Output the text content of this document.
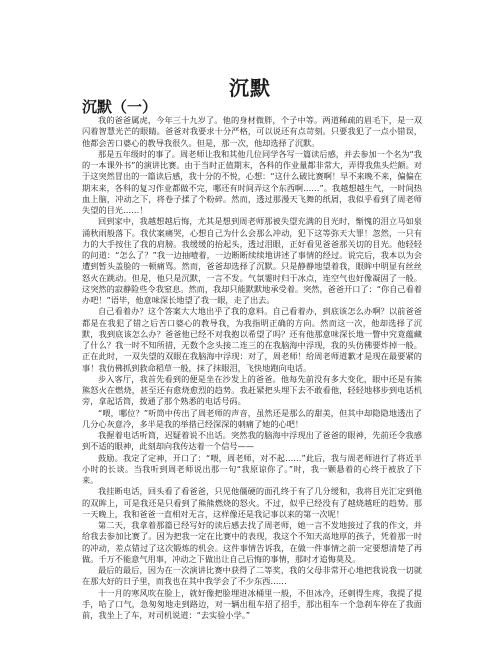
沉默
沉默（一）

我的爸爸属虎，今年三十九岁了。他的身材微胖，个子中等。两道稀疏的眉毛下，是一双闪着智慧光芒的眼睛。爸爸对我要求十分严格，可以说还有点苛刻。只要我犯了一点小错误，他都会苦口婆心的教导我很久。但是，那一次，他却选择了沉默。

那是五年级时的事了。周老师让我和其他几位同学各写一篇读后感，并去参加一个名为“我的一本课外书”的演讲比赛。由于当时正值期末，各科的作业量都非常大，弄得我焦头烂额。对于这突然冒出的一篇读后感，我十分的不悦，心想：“这什么破比赛啊！早不来晚不来，偏偏在期末来，各科的复习作业都做不完，哪还有时间弄这个东西啊……”。我越想越生气，一时间热血上脑，冲动之下，将卷子揉了个粉碎。然而，透过那漫天飞舞的纸屑，我似乎看到了周老师失望的目光……！

回到家中，我越想越后悔，尤其是想到周老师那被失望充满的目光时，惭愧的泪立马如泉涌秋雨般落下。我伏案痛哭，心想自己为什么会那么冲动，犯下这等弥天大罪！忽然，一只有力的大手按住了我的肩膀。我缓缓的抬起头，透过泪眼，正好看见爸爸那关切的目光。他轻轻的问道：“怎么了？”我一边抽噎着，一边断断续续地讲述了事情的经过。说完后，我本以为会遭到暂头盖脸的一顿痛骂。然而，爸爸却选择了沉默。只是静静地望着我，眼眸中明显有丝丝怒火在跳动。但是，他只是沉默，一言不发。气氛霎时归于冰点，连空气也好像凝固了一般。这突然的寂静险些令我窒息。然而，我却只能默默地承受着。突然，爸爸开口了：“你自己看着办吧！”语毕，他意味深长地望了我一眼，走了出去。

自己看着办？这个答案大大地出乎了我的意料。自己看着办，到底该怎么办啊？以前爸爸都是在我犯了错之后苦口婆心的教导我，为我指明正确的方向。然而这一次，他却选择了沉默，我到底该怎么办？爸爸他已经不对我抱以希望了吗？还有他那意味深长地一瞥中究竟蕴藏了什么？我一时不知所措，无数个念头接二连三的在我脑海中浮现，我的头仿佛要炸掉一般。正在此时，一双失望的双眼在我脑海中浮现：对了，周老师！给周老师道歉才是现在最要紧的事！我仿佛抓到救命稻草一般，抹了抹眼泪，飞快地跑向电话。

步入客厅，我首先看到的便是坐在沙发上的爸爸。他每先前没有多大变化，眼中还是有熊熊怒火在燃烧，甚至还有愈烧愈烈的趋势。我赶紧把头埋下去不敢看他，轻轻地移步到电话机旁，拿起话筒，拨通了那个熟悉的电话号码。

“喂，哪位？”听筒中传出了周老师的声音，虽然还是那么的甜美，但其中却隐隐地透出了几分心灰意冷，多半是我的举措已经深深的刺痛了她的心吧！

我握着电话听筒，迟疑着说不出话。突然我的脑海中浮现出了爸爸的眼神，先前还令我感到不适的眼神，此刻却向我传达着一个信号——

鼓励。我定了定神，开口了：“喂，周老师，对不起……”此后，我与周老师进行了将近半小时的长谈。当我听到周老师说出那一句“我原谅你了。”时，我一颗悬着的心终于被放了下来。

我挂断电话，回头看了看爸爸，只见他僵硬的面孔终于有了几分缓和，我将目光汇定到他的双眸上，可是我还是只看到了熊熊燃烧的怒火。不过，似乎已经没有了越烧越旺的趋势。那一天晚上，我和爸爸一直相对无言，这样像还是我记事以来的第一次呢！

第二天，我拿着那篇已经写好的读后感去找了周老师，她一言不发地接过了我的作文，并给我去参加比赛了。因为把我一定在比赛中的表现，我这个不知天高地厚的孩子，凭着那一时的冲动，差点错过了这次锻炼的机会。这件事情告诉我，在做一件事情之前一定要想清楚了再做。千万不能意气用事，冲动之下做出让自己后悔的事情，那时才追悔莫及。

最后的最后，因为在一次演讲比赛中获得了二等奖，我的父母非常开心地把我说我一切就在那大好的日子里，而我也在其中我学会了不少东西……

十一月的寒风吹在脸上，就好像把脸埋进冰桶里一般，不但冰冷，还刺得生疼，我提了提手，哈了口气，急匆匆地走到路边，对一辆出租车招了招手，那出租车一个急刹车停在了我面前，我坐上了车，对司机说道：“去实验小学。”
